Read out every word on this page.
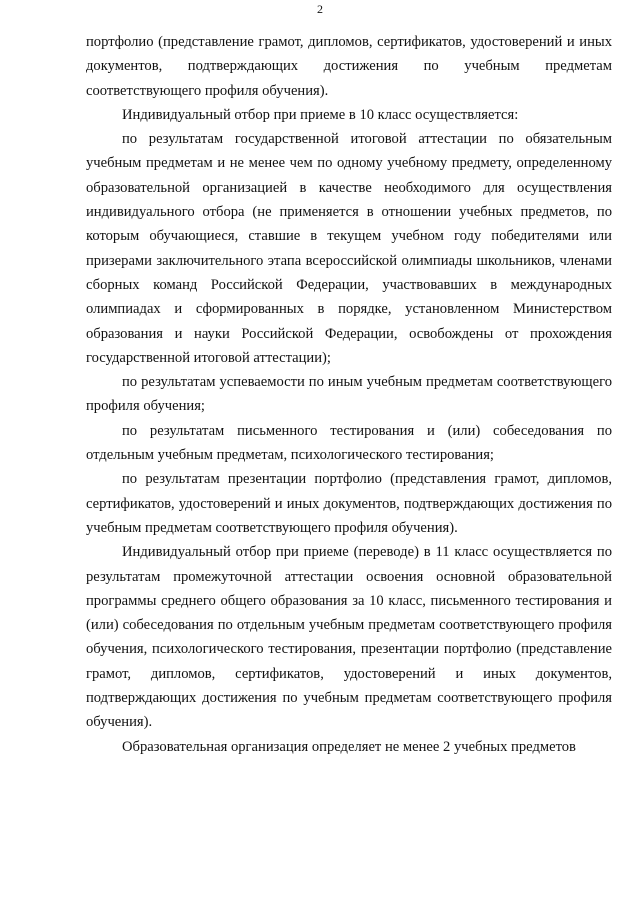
2

портфолио (представление грамот, дипломов, сертификатов, удостоверений и иных документов, подтверждающих достижения по учебным предметам соответствующего профиля обучения).

Индивидуальный отбор при приеме в 10 класс осуществляется:

по результатам государственной итоговой аттестации по обязательным учебным предметам и не менее чем по одному учебному предмету, определенному образовательной организацией в качестве необходимого для осуществления индивидуального отбора (не применяется в отношении учебных предметов, по которым обучающиеся, ставшие в текущем учебном году победителями или призерами заключительного этапа всероссийской олимпиады школьников, членами сборных команд Российской Федерации, участвовавших в международных олимпиадах и сформированных в порядке, установленном Министерством образования и науки Российской Федерации, освобождены от прохождения государственной итоговой аттестации);

по результатам успеваемости по иным учебным предметам соответствующего профиля обучения;

по результатам письменного тестирования и (или) собеседования по отдельным учебным предметам, психологического тестирования;

по результатам презентации портфолио (представления грамот, дипломов, сертификатов, удостоверений и иных документов, подтверждающих достижения по учебным предметам соответствующего профиля обучения).

Индивидуальный отбор при приеме (переводе) в 11 класс осуществляется по результатам промежуточной аттестации освоения основной образовательной программы среднего общего образования за 10 класс, письменного тестирования и (или) собеседования по отдельным учебным предметам соответствующего профиля обучения, психологического тестирования, презентации портфолио (представление грамот, дипломов, сертификатов, удостоверений и иных документов, подтверждающих достижения по учебным предметам соответствующего профиля обучения).

Образовательная организация определяет не менее 2 учебных предметов
